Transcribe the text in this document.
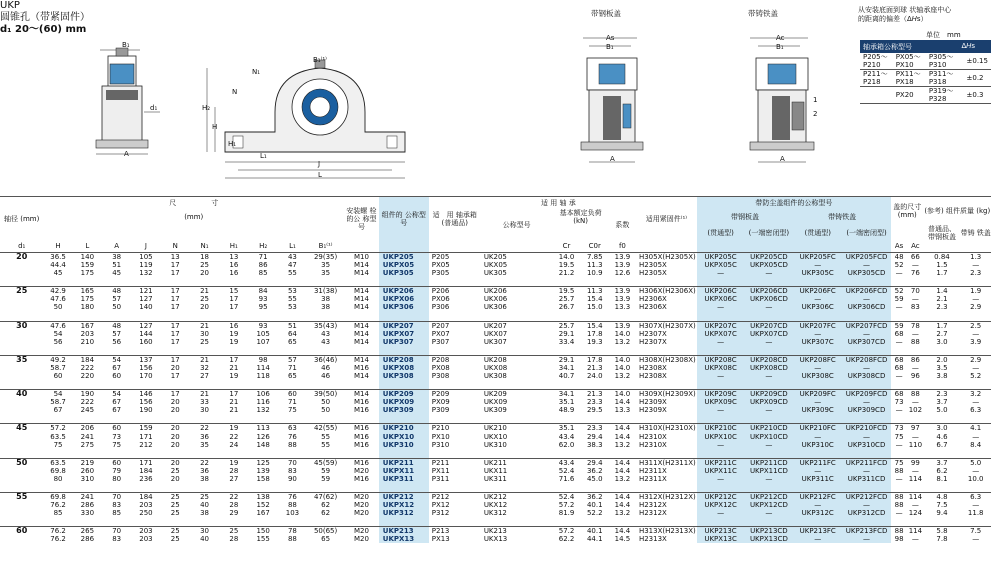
UKP
圆锥孔（带紧固件）
d₁ 20～(60) mm
B₁
d₁
A
N₁
N
H₂
H
H₁
L₁
J
L
B₁⁽¹⁾
带钢板盖	带铸铁盖
As
B₁
A
Ac
B₁
A
1
2
从安装底面到球 状轴承座中心
的距离的偏差（Δ𝐻s）
单位　mm
轴承箱公称型号			Δ𝐻s
P205～ P210	PX05～ PX10	P305～ P310	±0.15
P211～ P218	PX11～ PX18	P311～ P318	±0.2
	PX20	P319～ P328	±0.3
轴径 (mm)	尺　　　　　寸										安装螺 栓的公 称型号	组件的 公称型号	适　用 轴承箱 (普通品)	适 用 轴 承				适用紧固件⁽¹⁾	带防尘盖组件的公称型号				盖的尺寸 (mm)		(参考) 组件质量 (kg)	
	(mm)													公称型号	基本额定负荷 (kN)		系数		带钢板盖		带铸铁盖					
																			(贯通型)	(一端密闭型)	(贯通型)	(一端密闭型)			普通品、 带钢板盖	带铸 铁盖
d₁	H	L	A	J	N	N₁	H₁	H₂	L₁	B₁⁽¹⁾					Cr	C0r	f0						As	Ac		
20	36.5	140	38	105	13	18	13	71	43	29(35)	M10	UKP205	P205	UK205	14.0	7.85	13.9	H305X(H2305X)	UKP205C	UKP205CD	UKP205FC	UKP205FCD	48	66	0.84	1.3
	44.4	159	51	119	17	25	16	86	47	35	M14	UKPX05	PX05	UKX05	19.5	11.3	13.9	H2305X	UKPX05C	UKPX05CD	—	—	52	—	1.5	—
	45	175	45	132	17	20	16	85	55	35	M14	UKP305	P305	UK305	21.2	10.9	12.6	H2305X	—	—	UKP305C	UKP305CD	—	76	1.7	2.3

25	42.9	165	48	121	17	21	15	84	53	31(38)	M14	UKP206	P206	UK206	19.5	11.3	13.9	H306X(H2306X)	UKP206C	UKP206CD	UKP206FC	UKP206FCD	52	70	1.4	1.9
	47.6	175	57	127	17	25	17	93	55	38	M14	UKPX06	PX06	UKX06	25.7	15.4	13.9	H2306X	UKPX06C	UKPX06CD	—	—	59	—	2.1	—
	50	180	50	140	17	20	17	95	53	38	M14	UKP306	P306	UK306	26.7	15.0	13.3	H2306X	—	—	UKP306C	UKP306CD	—	83	2.3	2.9

30	47.6	167	48	127	17	21	16	93	51	35(43)	M14	UKP207	P207	UK207	25.7	15.4	13.9	H307X(H2307X)	UKP207C	UKP207CD	UKP207FC	UKP207FCD	59	78	1.7	2.5
	54	203	57	144	17	30	19	105	64	43	M14	UKPX07	PX07	UKX07	29.1	17.8	14.0	H2307X	UKPX07C	UKPX07CD	—	—	68	—	2.7	—
	56	210	56	160	17	25	19	107	65	43	M14	UKP307	P307	UK307	33.4	19.3	13.2	H2307X	—	—	UKP307C	UKP307CD	—	88	3.0	3.9

35	49.2	184	54	137	17	21	17	98	57	36(46)	M14	UKP208	P208	UK208	29.1	17.8	14.0	H308X(H2308X)	UKP208C	UKP208CD	UKP208FC	UKP208FCD	68	86	2.0	2.9
	58.7	222	67	156	20	32	21	114	71	46	M16	UKPX08	PX08	UKX08	34.1	21.3	14.0	H2308X	UKPX08C	UKPX08CD	—	—	68	—	3.5	—
	60	220	60	170	17	27	19	118	65	46	M14	UKP308	P308	UK308	40.7	24.0	13.2	H2308X	—	—	UKP308C	UKP308CD	—	96	3.8	5.2

40	54	190	54	146	17	21	17	106	60	39(50)	M14	UKP209	P209	UK209	34.1	21.3	14.0	H309X(H2309X)	UKP209C	UKP209CD	UKP209FC	UKP209FCD	68	88	2.3	3.2
	58.7	222	67	156	20	33	21	116	71	50	M16	UKPX09	PX09	UKX09	35.1	23.3	14.4	H2309X	UKPX09C	UKPX09CD	—	—	73	—	3.7	—
	67	245	67	190	20	30	21	132	75	50	M16	UKP309	P309	UK309	48.9	29.5	13.3	H2309X	—	—	UKP309C	UKP309CD	—	102	5.0	6.3

45	57.2	206	60	159	20	22	19	113	63	42(55)	M16	UKP210	P210	UK210	35.1	23.3	14.4	H310X(H2310X)	UKP210C	UKP210CD	UKP210FC	UKP210FCD	73	97	3.0	4.1
	63.5	241	73	171	20	36	22	126	76	55	M16	UKPX10	PX10	UKX10	43.4	29.4	14.4	H2310X	UKPX10C	UKPX10CD	—	—	75	—	4.6	—
	75	275	75	212	20	35	24	148	88	55	M16	UKP310	P310	UK310	62.0	38.3	13.2	H2310X	—	—	UKP310C	UKP310CD	—	110	6.7	8.4

50	63.5	219	60	171	20	22	19	125	70	45(59)	M16	UKP211	P211	UK211	43.4	29.4	14.4	H311X(H2311X)	UKP211C	UKP211CD	UKP211FC	UKP211FCD	75	99	3.7	5.0
	69.8	260	79	184	25	36	28	139	83	59	M20	UKPX11	PX11	UKX11	52.4	36.2	14.4	H2311X	UKPX11C	UKPX11CD	—	—	88	—	6.2	—
	80	310	80	236	20	38	27	158	90	59	M16	UKP311	P311	UK311	71.6	45.0	13.2	H2311X	—	—	UKP311C	UKP311CD	—	114	8.1	10.0

55	69.8	241	70	184	25	25	22	138	76	47(62)	M20	UKP212	P212	UK212	52.4	36.2	14.4	H312X(H2312X)	UKP212C	UKP212CD	UKP212FC	UKP212FCD	88	114	4.8	6.3
	76.2	286	83	203	25	40	28	152	88	62	M20	UKPX12	PX12	UKX12	57.2	40.1	14.4	H2312X	UKPX12C	UKPX12CD	—	—	88	—	7.5	—
	85	330	85	250	25	38	29	167	103	62	M20	UKP312	P312	UK312	81.9	52.2	13.2	H2312X	—	—	UKP312C	UKP312CD	—	124	9.4	11.8

60	76.2	265	70	203	25	30	25	150	78	50(65)	M20	UKP213	P213	UK213	57.2	40.1	14.4	H313X(H2313X)	UKP213C	UKP213CD	UKP213FC	UKP213FCD	88	114	5.8	7.5
	76.2	286	83	203	25	40	28	155	88	65	M20	UKPX13	PX13	UKX13	62.2	44.1	14.5	H2313X	UKPX13C	UKPX13CD	—	—	98	—	7.8	—
